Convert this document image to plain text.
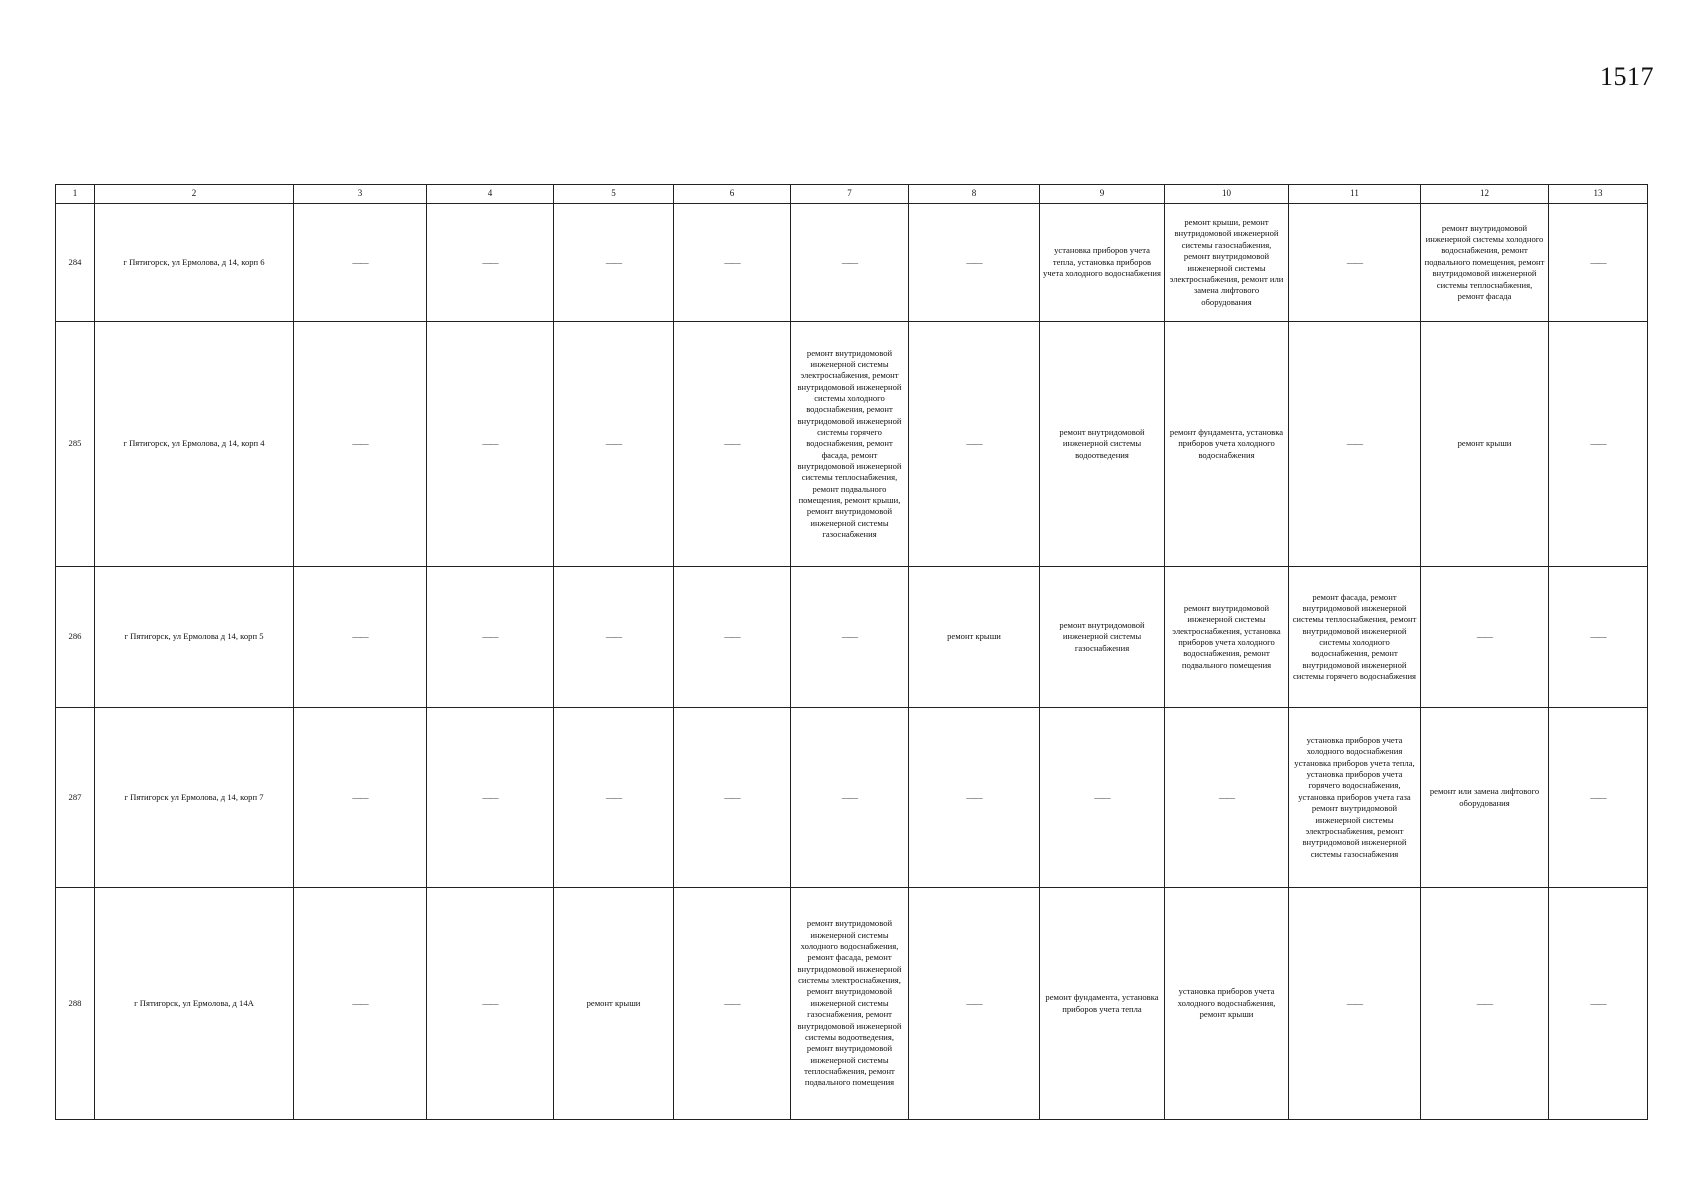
1517
1	2	3	4	5	6	7	8	9	10	11	12	13
284	г Пятигорск, ул Ермолова, д 14, корп 6	——	——	——	——	——	——	установка приборов учета тепла, установка приборов учета холодного водоснабжения	ремонт крыши, ремонт внутридомовой инженерной системы газоснабжения, ремонт внутридомовой инженерной системы электроснабжения, ремонт или замена лифтового оборудования	——	ремонт внутридомовой инженерной системы холодного водоснабжения, ремонт подвального помещения, ремонт внутридомовой инженерной системы теплоснабжения, ремонт фасада	——
285	г Пятигорск, ул Ермолова, д 14, корп 4	——	——	——	——	ремонт внутридомовой инженерной системы электроснабжения, ремонт внутридомовой инженерной системы холодного водоснабжения, ремонт внутридомовой инженерной системы горячего водоснабжения, ремонт фасада, ремонт внутридомовой инженерной системы теплоснабжения, ремонт подвального помещения, ремонт крыши, ремонт внутридомовой инженерной системы газоснабжения	——	ремонт внутридомовой инженерной системы водоотведения	ремонт фундамента, установка приборов учета холодного водоснабжения	——	ремонт крыши	——
286	г Пятигорск, ул Ермолова д 14, корп 5	——	——	——	——	——	ремонт крыши	ремонт внутридомовой инженерной системы газоснабжения	ремонт внутридомовой инженерной системы электроснабжения, установка приборов учета холодного водоснабжения, ремонт подвального помещения	ремонт фасада, ремонт внутридомовой инженерной системы теплоснабжения, ремонт внутридомовой инженерной системы холодного водоснабжения, ремонт внутридомовой инженерной системы горячего водоснабжения	——	——
287	г Пятигорск ул Ермолова, д 14, корп 7	——	——	——	——	——	——	——	——	установка приборов учета холодного водоснабжения установка приборов учета тепла, установка приборов учета горячего водоснабжения, установка приборов учета газа ремонт внутридомовой инженерной системы электроснабжения, ремонт внутридомовой инженерной системы газоснабжения	ремонт или замена лифтового оборудования	——
288	г Пятигорск, ул Ермолова, д 14А	——	——	ремонт крыши	——	ремонт внутридомовой инженерной системы холодного водоснабжения, ремонт фасада, ремонт внутридомовой инженерной системы электроснабжения, ремонт внутридомовой инженерной системы газоснабжения, ремонт внутридомовой инженерной системы водоотведения, ремонт внутридомовой инженерной системы теплоснабжения, ремонт подвального помещения	——	ремонт фундамента, установка приборов учета тепла	установка приборов учета холодного водоснабжения, ремонт крыши	——	——	——
